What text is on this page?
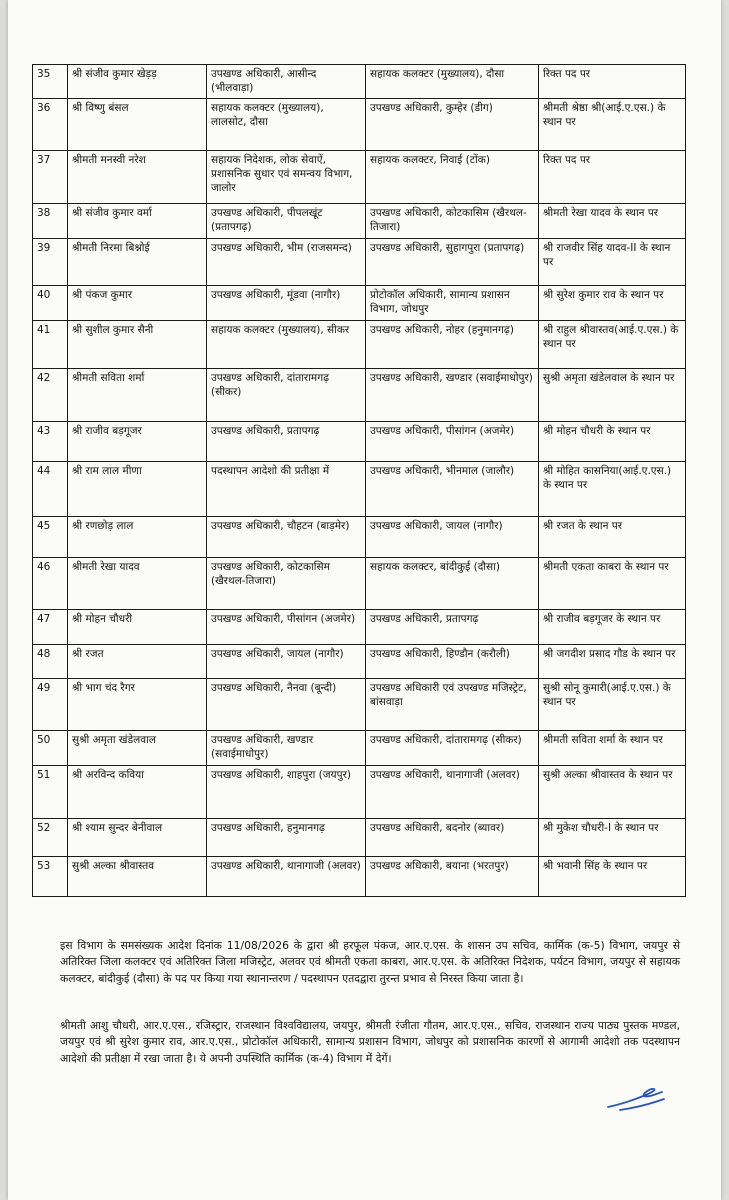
35	श्री संजीव कुमार खेड़ड़	उपखण्ड अधिकारी, आसीन्द (भीलवाड़ा)	सहायक कलक्टर (मुख्यालय), दौसा	रिक्त पद पर
36	श्री विष्णु बंसल	सहायक कलक्टर (मुख्यालय), लालसोट, दौसा	उपखण्ड अधिकारी, कुम्हेर (डीग)	श्रीमती श्रेष्ठा श्री(आई.ए.एस.) के स्थान पर
37	श्रीमती मनस्वी नरेश	सहायक निदेशक, लोक सेवाऐं, प्रशासनिक सुधार एवं समन्वय विभाग, जालोर	सहायक कलक्टर, निवाई (टोंक)	रिक्त पद पर
38	श्री संजीव कुमार वर्मा	उपखण्ड अधिकारी, पीपलखूंट (प्रतापगढ़)	उपखण्ड अधिकारी, कोटकासिम (खैरथल-तिजारा)	श्रीमती रेखा यादव के स्थान पर
39	श्रीमती निरमा बिश्नोई	उपखण्ड अधिकारी, भीम (राजसमन्द)	उपखण्ड अधिकारी, सुहागपुरा (प्रतापगढ़)	श्री राजवीर सिंह यादव-II के स्थान पर
40	श्री पंकज कुमार	उपखण्ड अधिकारी, मूंडवा (नागौर)	प्रोटोकॉल अधिकारी, सामान्य प्रशासन विभाग, जोधपुर	श्री सुरेश कुमार राव के स्थान पर
41	श्री सुशील कुमार सैनी	सहायक कलक्टर (मुख्यालय), सीकर	उपखण्ड अधिकारी, नोहर (हनुमानगढ़)	श्री राहुल श्रीवास्तव(आई.ए.एस.) के स्थान पर
42	श्रीमती सविता शर्मा	उपखण्ड अधिकारी, दांतारामगढ़ (सीकर)	उपखण्ड अधिकारी, खण्डार (सवाईमाधोपुर)	सुश्री अमृता खंडेलवाल के स्थान पर
43	श्री राजीव बड़गूजर	उपखण्ड अधिकारी, प्रतापगढ़	उपखण्ड अधिकारी, पीसांगन (अजमेर)	श्री मोहन चौधरी के स्थान पर
44	श्री राम लाल मीणा	पदस्थापन आदेशो की प्रतीक्षा में	उपखण्ड अधिकारी, भीनमाल (जालौर)	श्री मोहित कासनिया(आई.ए.एस.) के स्थान पर
45	श्री रणछोड़ लाल	उपखण्ड अधिकारी, चौहटन (बाड़मेर)	उपखण्ड अधिकारी, जायल (नागौर)	श्री रजत के स्थान पर
46	श्रीमती रेखा यादव	उपखण्ड अधिकारी, कोटकासिम (खैरथल-तिजारा)	सहायक कलक्टर, बांदीकुई (दौसा)	श्रीमती एकता काबरा के स्थान पर
47	श्री मोहन चौधरी	उपखण्ड अधिकारी, पीसांगन (अजमेर)	उपखण्ड अधिकारी, प्रतापगढ़	श्री राजीव बड़गूजर के स्थान पर
48	श्री रजत	उपखण्ड अधिकारी, जायल (नागौर)	उपखण्ड अधिकारी, हिण्डौन (करौली)	श्री जगदीश प्रसाद गौड के स्थान पर
49	श्री भाग चंद रैगर	उपखण्ड अधिकारी, नैनवा (बून्दी)	उपखण्ड अधिकारी एवं उपखण्ड मजिस्ट्रेट, बांसवाड़ा	सुश्री सोनू कुमारी(आई.ए.एस.) के स्थान पर
50	सुश्री अमृता खंडेलवाल	उपखण्ड अधिकारी, खण्डार (सवाईमाधोपुर)	उपखण्ड अधिकारी, दांतारामगढ़ (सीकर)	श्रीमती सविता शर्मा के स्थान पर
51	श्री अरविन्द कविया	उपखण्ड अधिकारी, शाहपुरा (जयपुर)	उपखण्ड अधिकारी, थानागाजी (अलवर)	सुश्री अल्का श्रीवास्तव के स्थान पर
52	श्री श्याम सुन्दर बेनीवाल	उपखण्ड अधिकारी, हनुमानगढ़	उपखण्ड अधिकारी, बदनोर (ब्यावर)	श्री मुकेश चौधरी-I के स्थान पर
53	सुश्री अल्का श्रीवास्तव	उपखण्ड अधिकारी, थानागाजी (अलवर)	उपखण्ड अधिकारी, बयाना (भरतपुर)	श्री भवानी सिंह के स्थान पर

इस विभाग के समसंख्यक आदेश दिनांक 11/08/2026 के द्वारा श्री हरफूल पंकज, आर.ए.एस. के शासन उप सचिव, कार्मिक (क-5) विभाग, जयपुर से अतिरिक्त जिला कलक्टर एवं अतिरिक्त जिला मजिस्ट्रेट, अलवर एवं श्रीमती एकता काबरा, आर.ए.एस. के अतिरिक्त निदेशक, पर्यटन विभाग, जयपुर से सहायक कलक्टर, बांदीकुई (दौसा) के पद पर किया गया स्थानान्तरण / पदस्थापन एतदद्वारा तुरन्त प्रभाव से निरस्त किया जाता है।

श्रीमती आशु चौधरी, आर.ए.एस., रजिस्ट्रार, राजस्थान विश्वविद्यालय, जयपुर, श्रीमती रंजीता गौतम, आर.ए.एस., सचिव, राजस्थान राज्य पाठ्य पुस्तक मण्डल, जयपुर एवं श्री सुरेश कुमार राव, आर.ए.एस., प्रोटोकॉल अधिकारी, सामान्य प्रशासन विभाग, जोधपुर को प्रशासनिक कारणों से आगामी आदेशो तक पदस्थापन आदेशो की प्रतीक्षा में रखा जाता है। ये अपनी उपस्थिति कार्मिक (क-4) विभाग में देगें।
